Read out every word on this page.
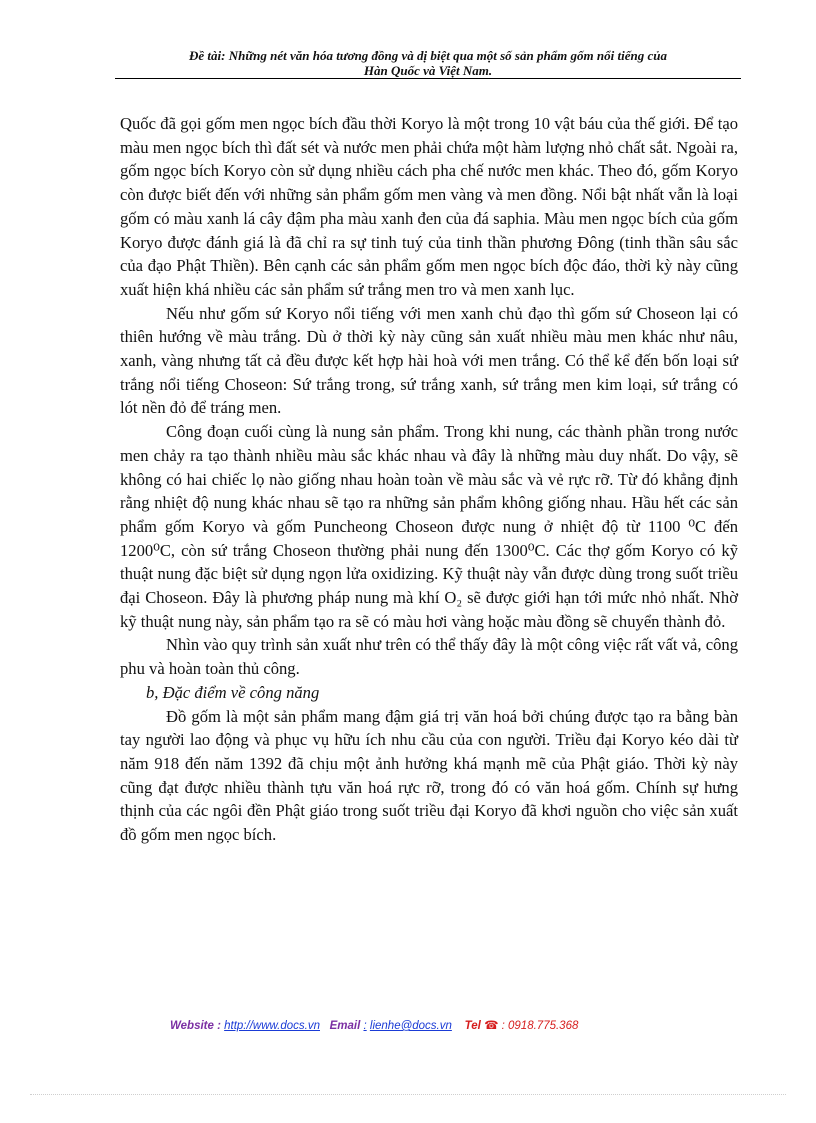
Đề tài: Những nét văn hóa tương đồng và dị biệt qua một số sản phẩm gốm nổi tiếng của
Hàn Quốc và Việt Nam.

Quốc đã gọi gốm men ngọc bích đầu thời Koryo là một trong 10 vật báu của thế giới. Để tạo màu men ngọc bích thì đất sét và nước men phải chứa một hàm lượng nhỏ chất sắt. Ngoài ra, gốm ngọc bích Koryo còn sử dụng nhiều cách pha chế nước men khác. Theo đó, gốm Koryo còn được biết đến với những sản phẩm gốm men vàng và men đồng. Nổi bật nhất vẫn là loại gốm có màu xanh lá cây đậm pha màu xanh đen của đá saphia. Màu men ngọc bích của gốm Koryo được đánh giá là đã chỉ ra sự tinh tuý của tinh thần phương Đông (tinh thần sâu sắc của đạo Phật Thiền). Bên cạnh các sản phẩm gốm men ngọc bích độc đáo, thời kỳ này cũng xuất hiện khá nhiều các sản phẩm sứ trắng men tro và men xanh lục.

Nếu như gốm sứ Koryo nổi tiếng với men xanh chủ đạo thì gốm sứ Choseon lại có thiên hướng về màu trắng. Dù ở thời kỳ này cũng sản xuất nhiều màu men khác như nâu, xanh, vàng nhưng tất cả đều được kết hợp hài hoà với men trắng. Có thể kể đến bốn loại sứ trắng nổi tiếng Choseon: Sứ trắng trong, sứ trắng xanh, sứ trắng men kim loại, sứ trắng có lót nền đỏ để tráng men.

Công đoạn cuối cùng là nung sản phẩm. Trong khi nung, các thành phần trong nước men chảy ra tạo thành nhiều màu sắc khác nhau và đây là những màu duy nhất. Do vậy, sẽ không có hai chiếc lọ nào giống nhau hoàn toàn về màu sắc và vẻ rực rỡ. Từ đó khẳng định rằng nhiệt độ nung khác nhau sẽ tạo ra những sản phẩm không giống nhau. Hầu hết các sản phẩm gốm Koryo và gốm Puncheong Choseon được nung ở nhiệt độ từ 1100 ⁰C đến 1200⁰C, còn sứ trắng Choseon thường phải nung đến 1300⁰C. Các thợ gốm Koryo có kỹ thuật nung đặc biệt sử dụng ngọn lửa oxidizing. Kỹ thuật này vẫn được dùng trong suốt triều đại Choseon. Đây là phương pháp nung mà khí O₂ sẽ được giới hạn tới mức nhỏ nhất. Nhờ kỹ thuật nung này, sản phẩm tạo ra sẽ có màu hơi vàng hoặc màu đồng sẽ chuyển thành đỏ.

Nhìn vào quy trình sản xuất như trên có thể thấy đây là một công việc rất vất vả, công phu và hoàn toàn thủ công.

b, Đặc điểm về công năng

Đồ gốm là một sản phẩm mang đậm giá trị văn hoá bởi chúng được tạo ra bằng bàn tay người lao động và phục vụ hữu ích nhu cầu của con người. Triều đại Koryo kéo dài từ năm 918 đến năm 1392 đã chịu một ảnh hưởng khá mạnh mẽ của Phật giáo. Thời kỳ này cũng đạt được nhiều thành tựu văn hoá rực rỡ, trong đó có văn hoá gốm. Chính sự hưng thịnh của các ngôi đền Phật giáo trong suốt triều đại Koryo đã khơi nguồn cho việc sản xuất đồ gốm men ngọc bích.

Website : http://www.docs.vn Email : lienhe@docs.vn Tel ☎ : 0918.775.368
